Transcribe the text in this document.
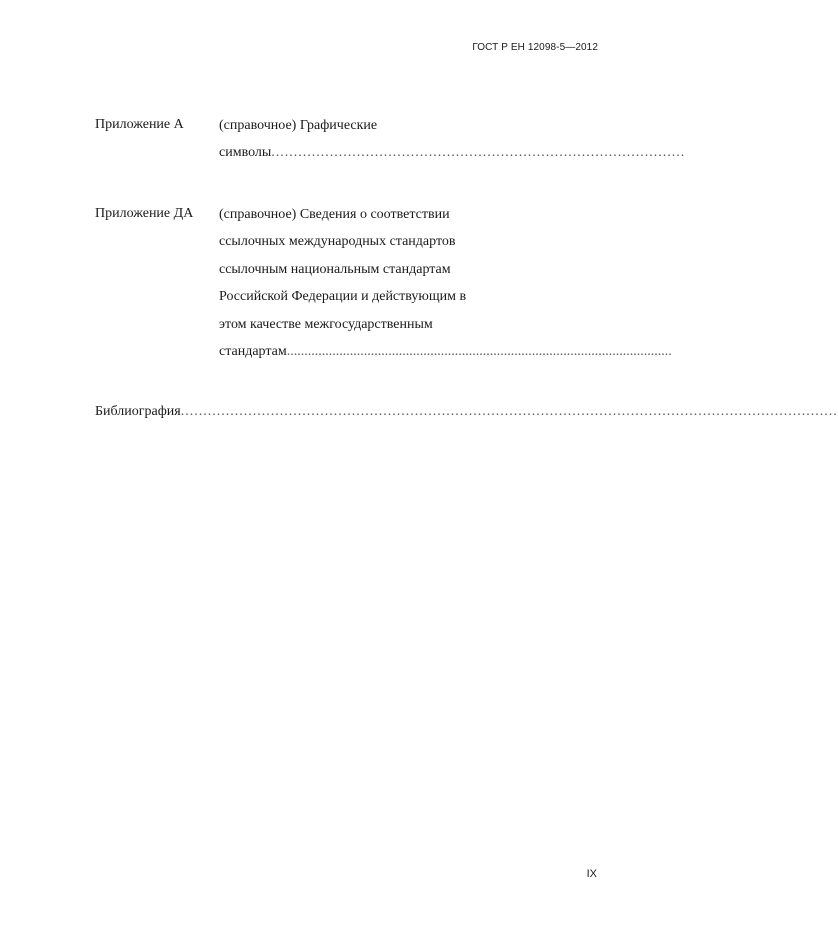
ГОСТ Р ЕН 12098-5—2012
Приложение А	(справочное) Графические
символы ............................................................................................
Приложение ДА (справочное) Сведения о соответствии
ссылочных международных стандартов
ссылочным национальным стандартам
Российской Федерации и действующим в
этом качестве межгосударственным
стандартам ..............................................................................................................
Библиография ..................................................................................................................................................
IX
